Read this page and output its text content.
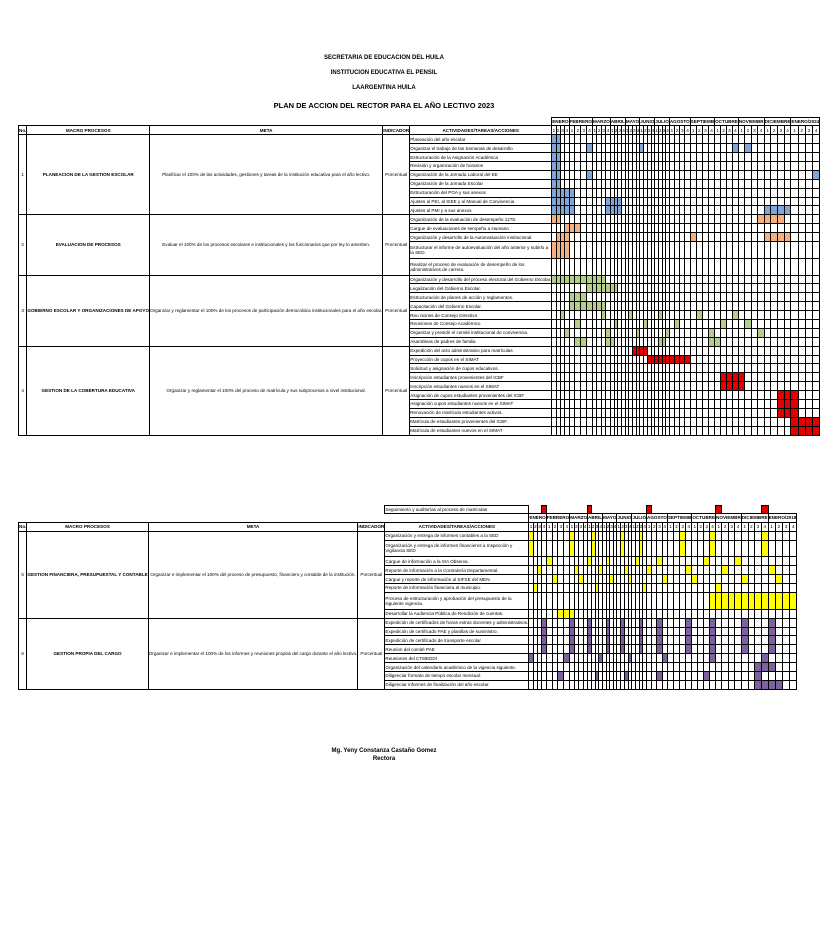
SECRETARIA DE EDUCACION DEL HUILA
INSTITUCION EDUCATIVA EL PENSIL
LAARGENTINA HUILA
PLAN DE ACCION DEL RECTOR PARA EL AÑO LECTIVO 2023
					ENERO				FEBRERO				MARZO				ABRIL				MAYO				JUNIO				JULIO				AGOSTO				SEPTIEMB				OCTUBRE				NOVIEMBR				DICIEMBRE				ENERO/2024			
No.	MACRO PROCESOS	META	INDICADOR	ACTIVIDADES/TAREAS/ACCIONES	1	2	3	4	1	2	3	4	1	2	3	4	1	2	3	4	1	2	3	4	1	2	3	4	1	2	3	4	1	2	3	4	1	2	3	4	1	2	3	4	1	2	3	4	1	2	3	4	1	2	3	4
1	PLANEACION DE LA GESTION ESCOLAR	Planificar el 100% de las actividades, gestiones y tareas de la institución educativa para el año lectivo.	Porcentual	Planeación del año escolar																																																				
				Organizar el trabajo de las Semanas de desarrollo																																																				
				Estructuración de la Asignación Académica																																																				
				Revisión y organización de horarios																																																				
				Organización de la Jornada Laboral del EE																																																				
				Organización de la Jornada Escolar																																																				
				Estructuración del POA y sus anexos																																																				
				Ajustes al PEI, al SIEE y al Manual de Convivencia																																																				
				Ajustes al PMI y a sus anexos																																																				
2	EVALUACION DE PROCESOS	Evaluar el 100% de los procesos escolares e institucionales y los funcionarios que por ley lo ameriten.	Porcentual	Organización de la evaluación de desempeño 1278.																																																				
				Cargue de evaluaciones de sempeño a Humano																																																				
				Organización y desarrollo de la Autoevaluación institucional.																																																				
				Estructurar el informe de autoevaluación del año anterior y subirlo a la SED.																																																				
				Realizar el proceso de evaluación de desempeño de los administrativos de carrera.																																																				
3	GOBIERNO ESCOLAR Y ORGANIZACIONES DE APOYO	Organizar y reglamentar el 100% de los procesos de participación democrática institucionales para el año escolar.	Porcentual	Organización y desarrollo del proceso electoral del Gobierno Escolar.																																																				
				Legalización del Gobierno Escolar.																																																				
				Estructuración de planes de acción y reglamentos.																																																				
				Capacitación del Gobierno Escolar.																																																				
				Reu niones de Consejo Directivo																																																				
				Reuniones de Consejo Académico																																																				
				Organizar y presidir el comité institucional de convivencia.																																																				
				Asambleas de padres de familia																																																				
4	GESTION DE LA COBERTURA EDUCATIVA	Organizar y reglamentar el 100% del proceso de matrícula y sus subprocesos a nivel institucional.	Porcentual	Expedición del acto administrativo para matrículas																																																				
				Proyección de cupos en el SIMAT																																																				
				Solicitud y asignación de cupos educativos.																																																				
				Inscripción estudiantes provenientes del ICBF																																																				
				Inscripción estudiantes nuevos en el SIMAT																																																				
				Asignación de cupos estudiantes provenientes del ICBF																																																				
				Asignación cupos estudiantes nuevos en el SIMAT																																																				
				Renovación de matrícula estudiantes activos.																																																				
				Matrícula de estudiantes provenientes del ICBF.																																																				
				Matrícula de estudiantes nuevos en el SIMAT																																																				
				Seguimiento y auditorías al proceso de matrículas																																																				
					ENERO				FEBRERO				MARZO				ABRIL				MAYO				JUNIO				JULIO				AGOSTO				SEPTIEMB				OCTUBRE				NOVIEMBR				DICIEMBRE				ENERO/2018			
No.	MACRO PROCESOS	META	INDICADOR	ACTIVIDADES/TAREAS/ACCIONES	1	2	3	4	1	2	3	4	1	2	3	4	1	2	3	4	1	2	3	4	1	2	3	4	1	2	3	4	1	2	3	4	1	2	3	4	1	2	3	4	1	2	3	4	1	2	3	4	1	2	3	4
5	GESTION FINANCIERA, PRESUPUESTAL Y CONTABLE	Organizar e implementar el 100% del proceso de presupuesto, financiero y contable de la institución.	Porcentual	Organización y entrega de informes contables a la SED																																																				
				Organización y entrega de informes financieros a Inspección y Vigilancia SED																																																				
				Cargue de información a la SIA Observa.																																																				
				Reporte de información a la Contraloría Departamental.																																																				
				Cargue y reporte de información al SIFSE del MEN.																																																				
				Reporte de información financiera al municipio.																																																				
				Proceso de estructuración y aprobación del presupuesto de la siguiente vigencia.																																																				
				Desarrollar la Audiencia Pública de Rendición de cuentas.																																																				
6	GESTION PROPIA DEL CARGO	Organizar e implementar el 100% de los informes y reuniones propias del cargo durante el año lectivo.	Porcentual	Expedición de certificados de horas extras docentes y administrativos.																																																				
				Expedición de certificado PAE y planillas de suministro.																																																				
				Expedición de certificado de transporte escolar																																																				
				Reunion del comité PAE																																																				
				Reuniones del CTMEDDI																																																				
				Organización del calendario académico de la vigencia siguiente.																																																				
				Diligenciar formato de tiempo escolar mensual.																																																				
				Diligenciar informes de finalización del año escolar.																																																				
Mg. Yeny Constanza Castaño Gomez
Rectora
